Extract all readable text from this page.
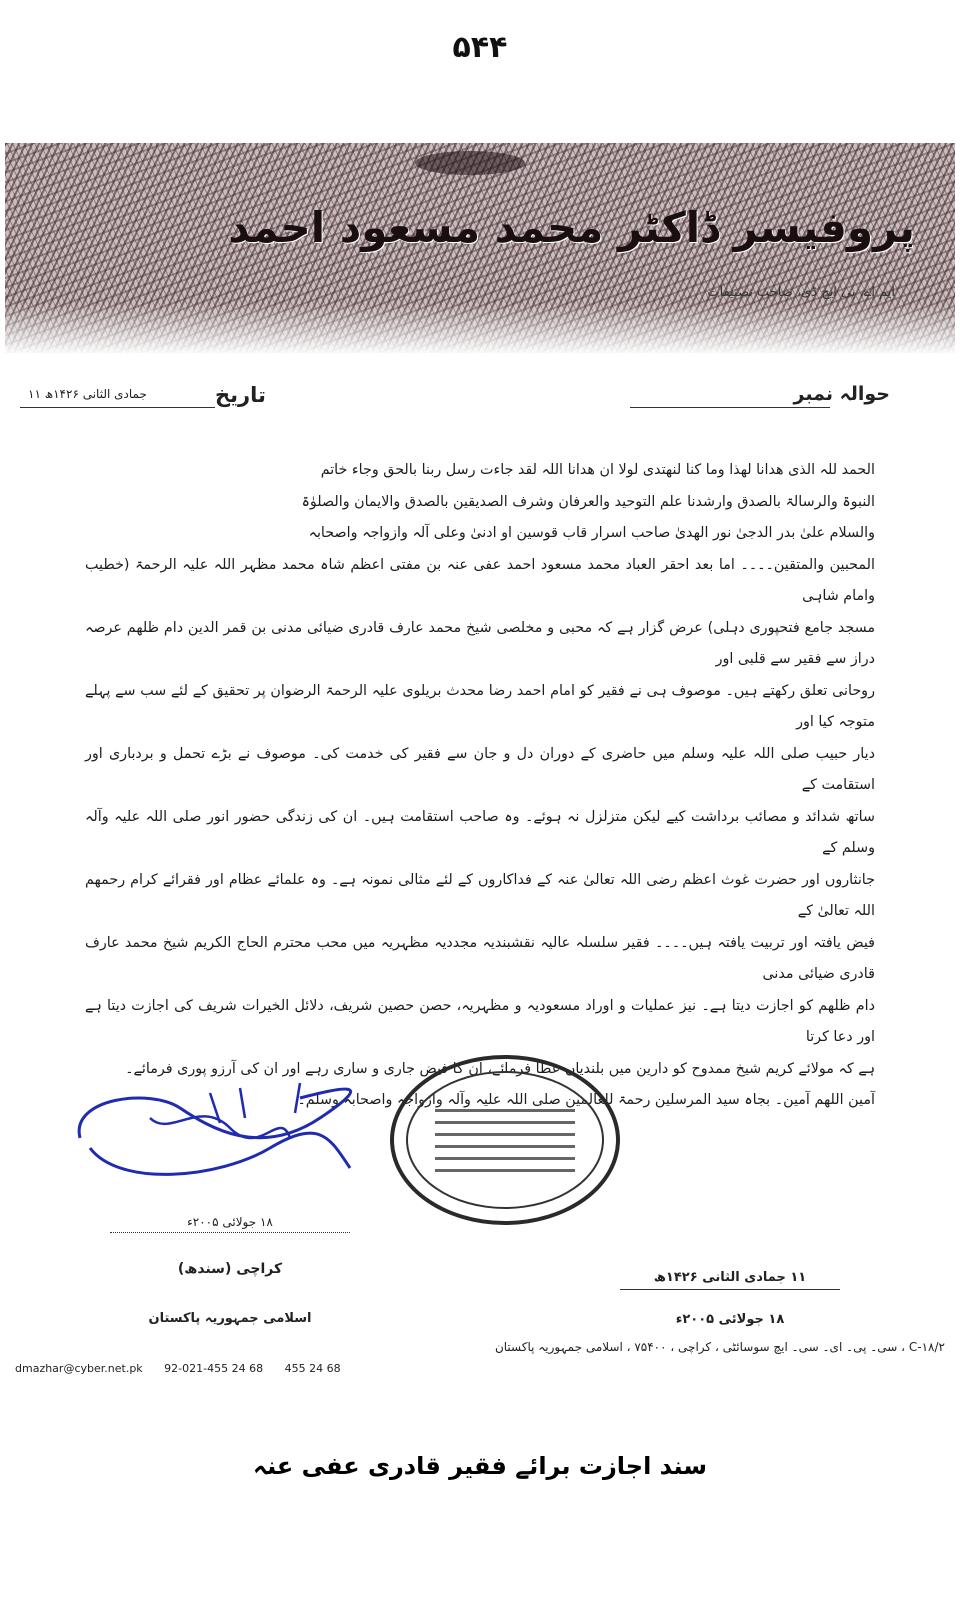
۵۴۴
پروفیسر ڈاکٹر محمد مسعود احمد
ایم اے، پی ایچ ڈی، صاحب تصنیفات
حوالہ نمبر
تاریخ
۱۱ جمادی الثانی ۱۴۲۶ھ

الحمد للہ الذی ھدانا لھذا وما کنا لنھتدی لولا ان ھدانا اللہ لقد جاءت رسل ربنا بالحق وجاء خاتم

النبوۃ والرسالۃ بالصدق وارشدنا علم التوحید والعرفان وشرف الصدیقین بالصدق والایمان والصلوٰۃ

والسلام علیٰ بدر الدجیٰ نور الھدیٰ صاحب اسرار قاب قوسین او ادنیٰ وعلی آلہ وازواجہ واصحابہ

المحبین والمتقین۔۔۔۔ اما بعد احقر العباد محمد مسعود احمد عفی عنہ بن مفتی اعظم شاہ محمد مظہر اللہ علیہ الرحمۃ (خطیب وامام شاہی

مسجد جامع فتحپوری دہلی) عرض گزار ہے کہ محبی و مخلصی شیخ محمد عارف قادری ضیائی مدنی بن قمر الدین دام ظلھم عرصہ دراز سے فقیر سے قلبی اور

روحانی تعلق رکھتے ہیں۔ موصوف ہی نے فقیر کو امام احمد رضا محدث بریلوی علیہ الرحمۃ الرضوان پر تحقیق کے لئے سب سے پہلے متوجہ کیا اور

دیار حبیب صلی اللہ علیہ وسلم میں حاضری کے دوران دل و جان سے فقیر کی خدمت کی۔ موصوف نے بڑے تحمل و بردباری اور استقامت کے

ساتھ شدائد و مصائب برداشت کیے لیکن متزلزل نہ ہوئے۔ وہ صاحب استقامت ہیں۔ ان کی زندگی حضور انور صلی اللہ علیہ وآلہ وسلم کے

جانثاروں اور حضرت غوث اعظم رضی اللہ تعالیٰ عنہ کے فداکاروں کے لئے مثالی نمونہ ہے۔ وہ علمائے عظام اور فقرائے کرام رحمھم اللہ تعالیٰ کے

فیض یافتہ اور تربیت یافتہ ہیں۔۔۔۔ فقیر سلسلہ عالیہ نقشبندیہ مجددیہ مظہریہ میں محب محترم الحاج الکریم شیخ محمد عارف قادری ضیائی مدنی

دام ظلھم کو اجازت دیتا ہے۔ نیز عملیات و اوراد مسعودیہ و مظہریہ، حصن حصین شریف، دلائل الخیرات شریف کی اجازت دیتا ہے اور دعا کرتا

ہے کہ مولائے کریم شیخ ممدوح کو دارین میں بلندیاں عطا فرمائے، ان کا فیض جاری و ساری رہے اور ان کی آرزو پوری فرمائے۔

آمین اللھم آمین۔ بجاہ سید المرسلین رحمۃ للعالمین صلی اللہ علیہ وآلہ وازواجہ واصحابہ وسلم۔

۱۸ جولائی ۲۰۰۵ء
کراچی (سندھ)
اسلامی جمہوریہ پاکستان
۱۱ جمادی الثانی ۱۴۲۶ھ
۱۸ جولائی ۲۰۰۵ء
۱۸/۲-C ، سی۔ پی۔ ای۔ سی۔ ایچ سوسائٹی ، کراچی ، ۷۵۴۰۰ ، اسلامی جمہوریہ پاکستان
dmazhar@cyber.net.pk 92-021-455 24 68 455 24 68
سند اجازت برائے فقیر قادری عفی عنہ
